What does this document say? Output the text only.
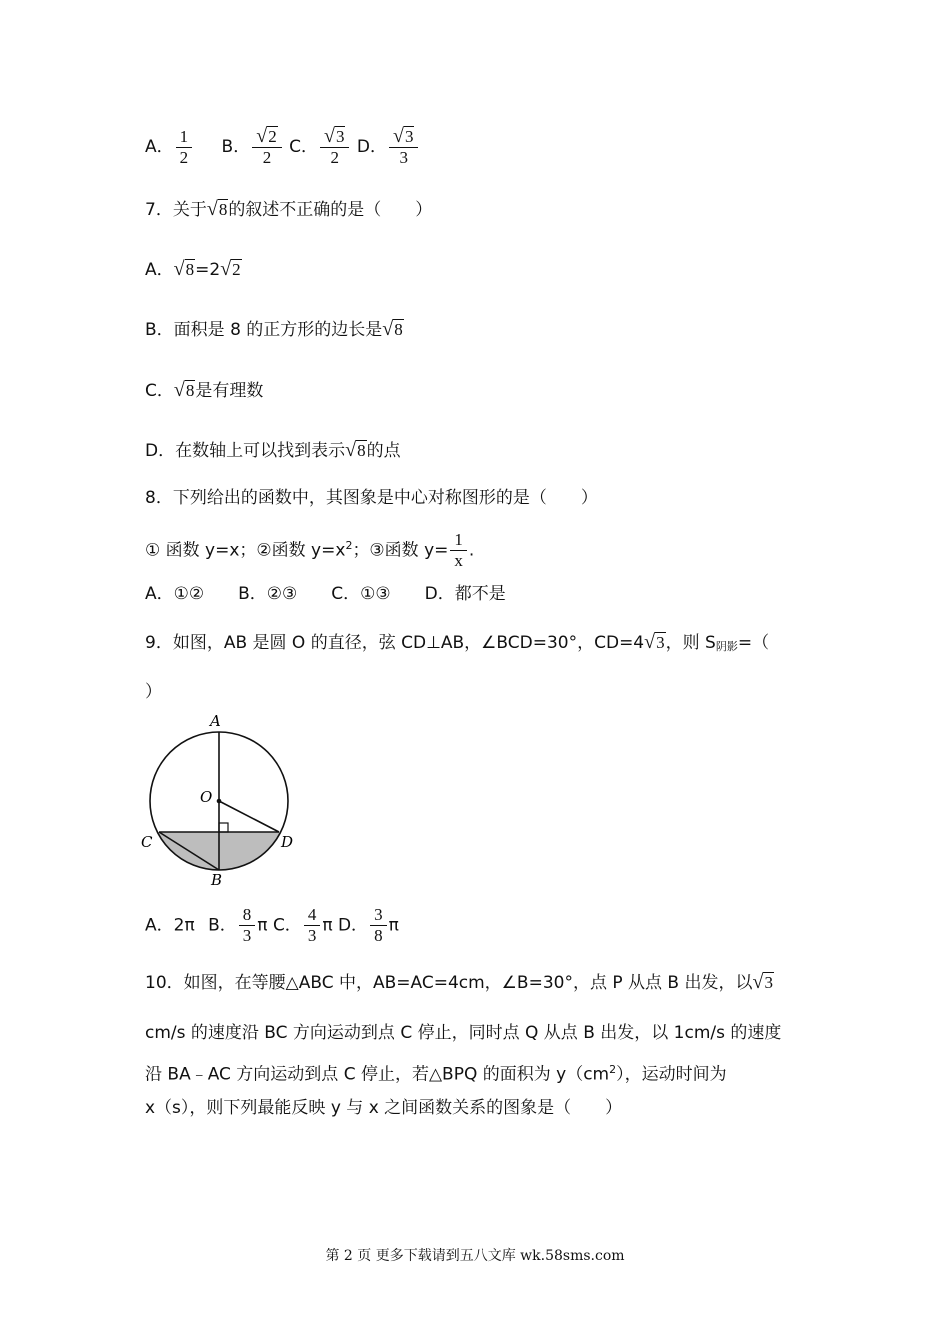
A． $\frac{1}{2}$ B． $\frac{√2}{2}$ C． $\frac{√3}{2}$ D． $\frac{√3}{3}$
7．关于√8的叙述不正确的是（　　）
A．√8=2√2
B．面积是 8 的正方形的边长是√8
C．√8是有理数
D．在数轴上可以找到表示√8的点
8．下列给出的函数中，其图象是中心对称图形的是（　　）
① 函数 y=x；②函数 $y=x^2$；③函数 $y= \frac{1}{x}$ .
A．①②　　B．②③　　C．①③　　D．都不是
9．如图，AB 是圆 O 的直径，弦 CD⊥AB，∠BCD=30°，CD=4√3，则 S阴影=（
）
A
O
C	D
B
A．2π B． $\frac{8}{3}$ π C． $\frac{4}{3}$ π D． $\frac{3}{8}$ π
10．如图，在等腰△ABC 中，AB=AC=4cm，∠B=30°，点 P 从点 B 出发，以√3
cm/s 的速度沿 BC 方向运动到点 C 停止，同时点 Q 从点 B 出发，以 1cm/s 的速度
沿 BA﹣AC 方向运动到点 C 停止，若△BPQ 的面积为 $y(cm^2)$，运动时间为
x（s），则下列最能反映 y 与 x 之间函数关系的图象是（　　）
第 2 页 更多下载请到五八文库 wk.58sms.com
